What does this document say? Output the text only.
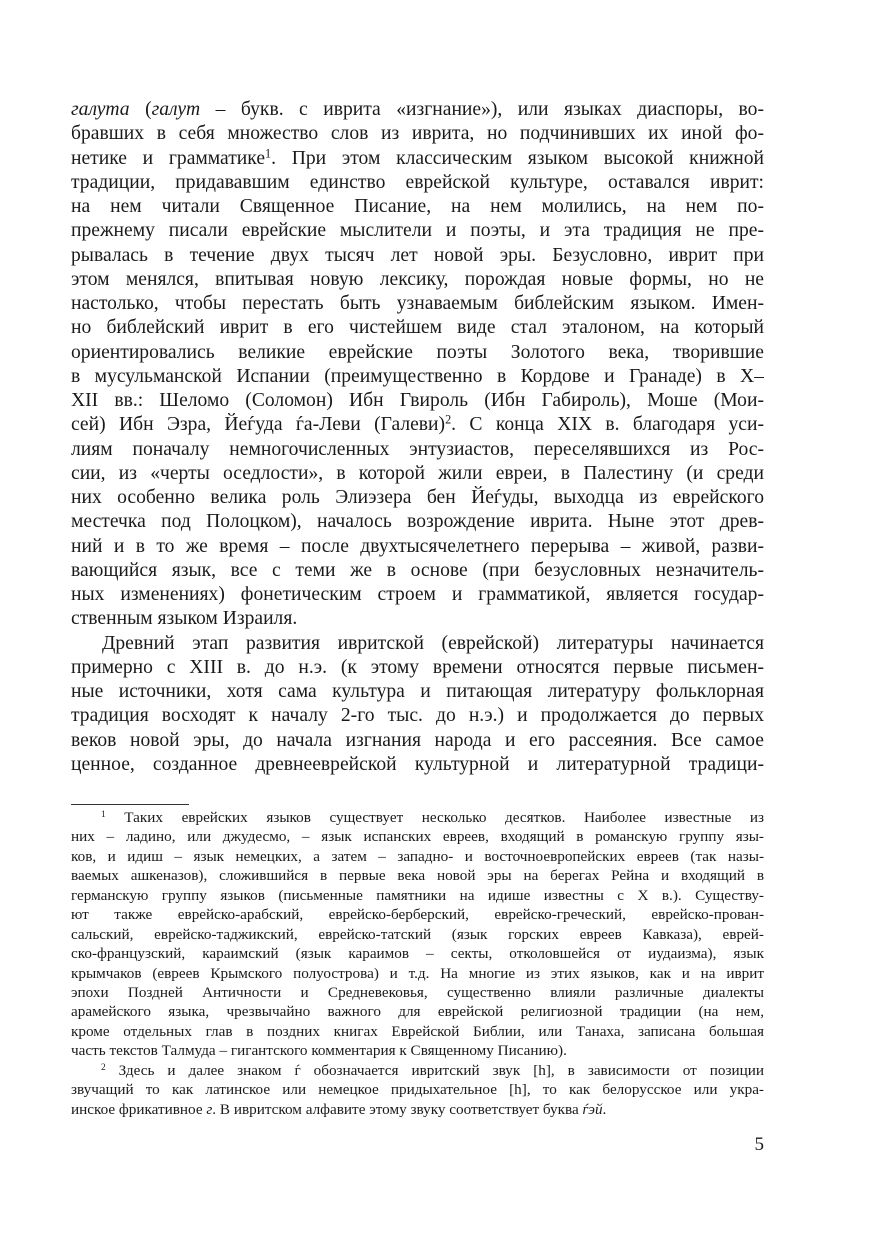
галута (галут – букв. с иврита «изгнание»), или языках диаспоры, во-
бравших в себя множество слов из иврита, но подчинивших их иной фо-
нетике и грамматике$^1$. При этом классическим языком высокой книжной
традиции, придававшим единство еврейской культуре, оставался иврит:
на нем читали Священное Писание, на нем молились, на нем по-
прежнему писали еврейские мыслители и поэты, и эта традиция не пре-
рывалась в течение двух тысяч лет новой эры. Безусловно, иврит при
этом менялся, впитывая новую лексику, порождая новые формы, но не
настолько, чтобы перестать быть узнаваемым библейским языком. Имен-
но библейский иврит в его чистейшем виде стал эталоном, на который
ориентировались великие еврейские поэты Золотого века, творившие
в мусульманской Испании (преимущественно в Кордове и Гранаде) в X–
XII вв.: Шеломо (Соломон) Ибн Гвироль (Ибн Габироль), Моше (Мои-
сей) Ибн Эзра, Йеѓуда ѓа-Леви (Галеви)$^2$. С конца XIX в. благодаря уси-
лиям поначалу немногочисленных энтузиастов, переселявшихся из Рос-
сии, из «черты оседлости», в которой жили евреи, в Палестину (и среди
них особенно велика роль Элиэзера бен Йеѓуды, выходца из еврейского
местечка под Полоцком), началось возрождение иврита. Ныне этот древ-
ний и в то же время – после двухтысячелетнего перерыва – живой, разви-
вающийся язык, все с теми же в основе (при безусловных незначитель-
ных изменениях) фонетическим строем и грамматикой, является государ-
ственным языком Израиля.
Древний этап развития ивритской (еврейской) литературы начинается
примерно с XIII в. до н.э. (к этому времени относятся первые письмен-
ные источники, хотя сама культура и питающая литературу фольклорная
традиция восходят к началу 2-го тыс. до н.э.) и продолжается до первых
веков новой эры, до начала изгнания народа и его рассеяния. Все самое
ценное, созданное древнееврейской культурной и литературной традици-
$^1$ Таких еврейских языков существует несколько десятков. Наиболее известные из
них – ладино, или джудесмо, – язык испанских евреев, входящий в романскую группу язы-
ков, и идиш – язык немецких, а затем – западно- и восточноевропейских евреев (так назы-
ваемых ашкеназов), сложившийся в первые века новой эры на берегах Рейна и входящий в
германскую группу языков (письменные памятники на идише известны с X в.). Существу-
ют также еврейско-арабский, еврейско-берберский, еврейско-греческий, еврейско-прован-
сальский, еврейско-таджикский, еврейско-татский (язык горских евреев Кавказа), еврей-
ско-французский, караимский (язык караимов – секты, отколовшейся от иудаизма), язык
крымчаков (евреев Крымского полуострова) и т.д. На многие из этих языков, как и на иврит
эпохи Поздней Античности и Средневековья, существенно влияли различные диалекты
арамейского языка, чрезвычайно важного для еврейской религиозной традиции (на нем,
кроме отдельных глав в поздних книгах Еврейской Библии, или Танаха, записана большая
часть текстов Талмуда – гигантского комментария к Священному Писанию).
$^2$ Здесь и далее знаком ѓ обозначается ивритский звук [h], в зависимости от позиции
звучащий то как латинское или немецкое придыхательное [h], то как белорусское или укра-
инское фрикативное г. В ивритском алфавите этому звуку соответствует буква ѓэй.
5
